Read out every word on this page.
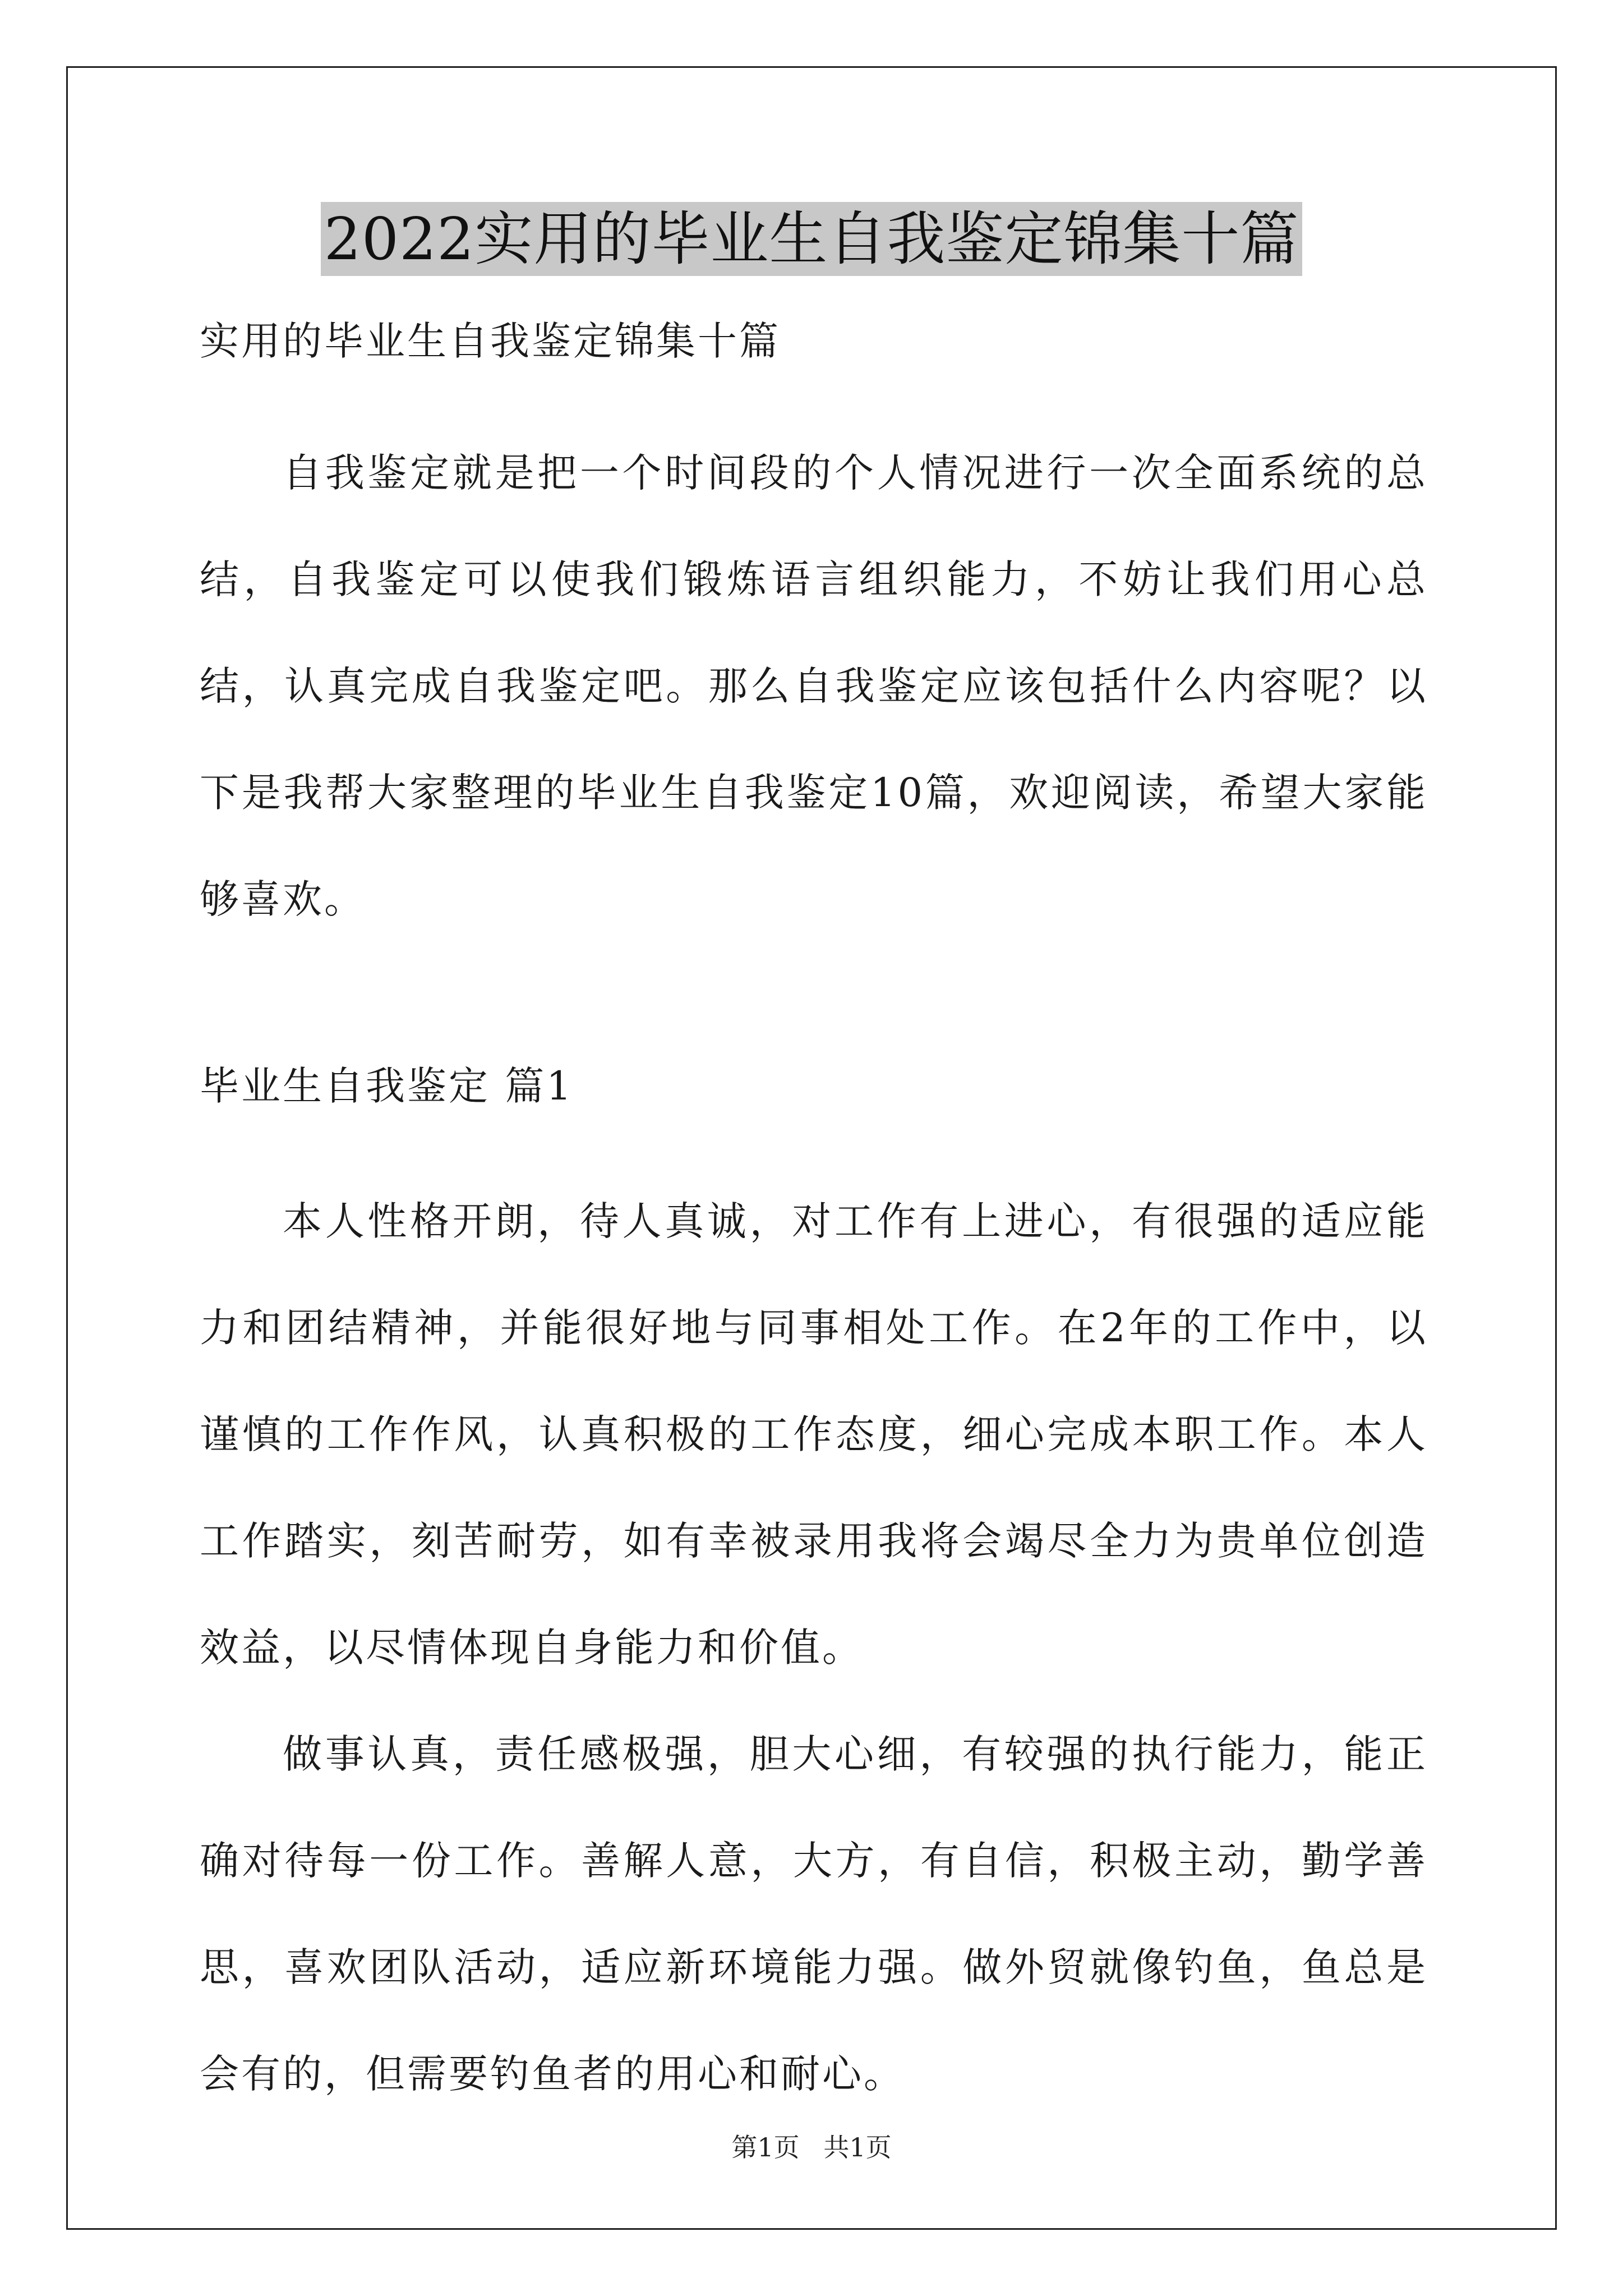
2022实用的毕业生自我鉴定锦集十篇

实用的毕业生自我鉴定锦集十篇

自我鉴定就是把一个时间段的个人情况进行一次全面系统的总结，自我鉴定可以使我们锻炼语言组织能力，不妨让我们用心总结，认真完成自我鉴定吧。那么自我鉴定应该包括什么内容呢？以下是我帮大家整理的毕业生自我鉴定10篇，欢迎阅读，希望大家能够喜欢。

毕业生自我鉴定 篇1

本人性格开朗，待人真诚，对工作有上进心，有很强的适应能力和团结精神，并能很好地与同事相处工作。在2年的工作中，以谨慎的工作作风，认真积极的工作态度，细心完成本职工作。本人工作踏实，刻苦耐劳，如有幸被录用我将会竭尽全力为贵单位创造效益，以尽情体现自身能力和价值。

做事认真，责任感极强，胆大心细，有较强的执行能力，能正确对待每一份工作。善解人意，大方，有自信，积极主动，勤学善思，喜欢团队活动，适应新环境能力强。做外贸就像钓鱼，鱼总是会有的，但需要钓鱼者的用心和耐心。

第1页 共1页
